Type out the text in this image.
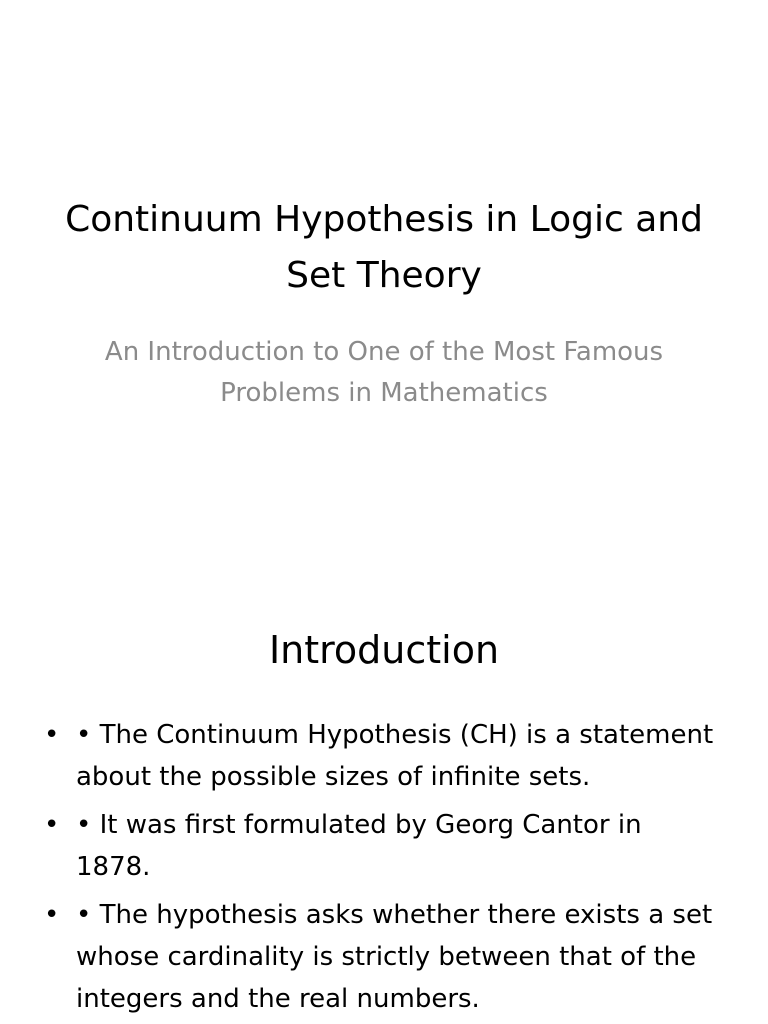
Continuum Hypothesis in Logic and Set Theory

An Introduction to One of the Most Famous Problems in Mathematics

Introduction
• • The Continuum Hypothesis (CH) is a statement about the possible sizes of infinite sets.
• • It was first formulated by Georg Cantor in 1878.
• • The hypothesis asks whether there exists a set whose cardinality is strictly between that of the integers and the real numbers.
